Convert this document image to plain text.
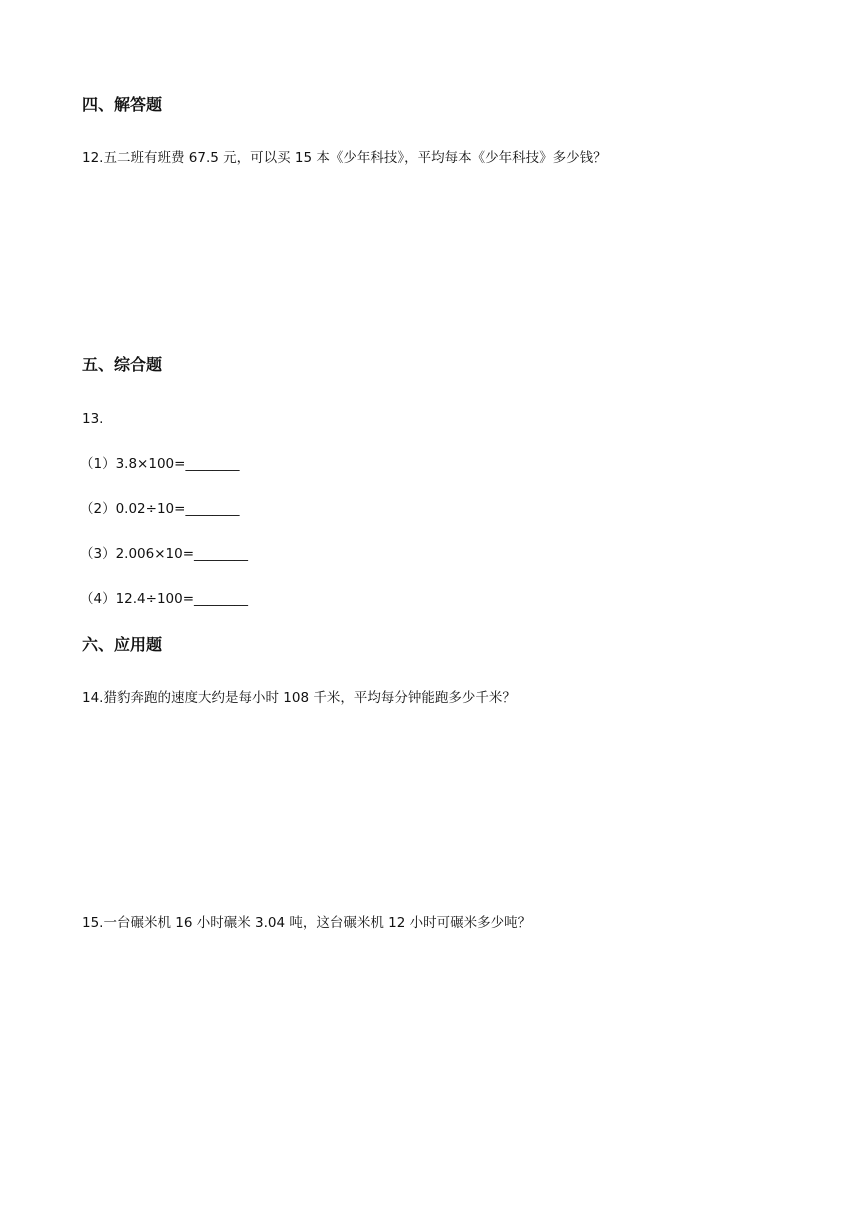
四、解答题
12.五二班有班费 67.5 元，可以买 15 本《少年科技》，平均每本《少年科技》多少钱？
五、综合题
13.
（1）3.8×100=________
（2）0.02÷10=________
（3）2.006×10=________
（4）12.4÷100=________
六、应用题
14.猎豹奔跑的速度大约是每小时 108 千米，平均每分钟能跑多少千米？
15.一台碾米机 16 小时碾米 3.04 吨，这台碾米机 12 小时可碾米多少吨？
